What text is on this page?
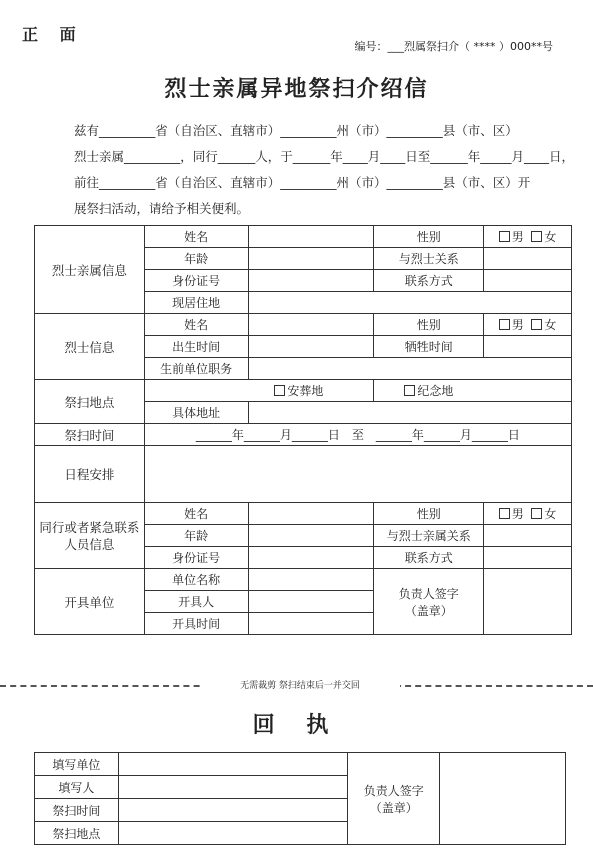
正 面
编号：___烈属祭扫介（ **** ）000**号
烈士亲属异地祭扫介绍信
兹有_________省（自治区、直辖市）_________州（市）_________县（市、区）
烈士亲属_________，同行______人，于______年____月____日至______年_____月____日，
前往_________省（自治区、直辖市）_________州（市）_________县（市、区）开
展祭扫活动，请给予相关便利。
烈士亲属信息	姓名		性别	男 女
	年龄		与烈士关系	
	身份证号		联系方式	
	现居住地			
烈士信息	姓名		性别	男 女
	出生时间		牺牲时间	
	生前单位职务			
祭扫地点	安葬地		纪念地	
	具体地址			
祭扫时间	______年______月______日　至　______年______月______日			
日程安排				
同行或者紧急联系人员信息	姓名		性别	男 女
	年龄		与烈士亲属关系	
	身份证号		联系方式	
开具单位	单位名称		负责人签字
（盖章）	

	开具人			
	开具时间			
无需裁剪 祭扫结束后一并交回
回 执
填写单位		负责人签字
（盖章）	

填写人			
祭扫时间			
祭扫地点			
